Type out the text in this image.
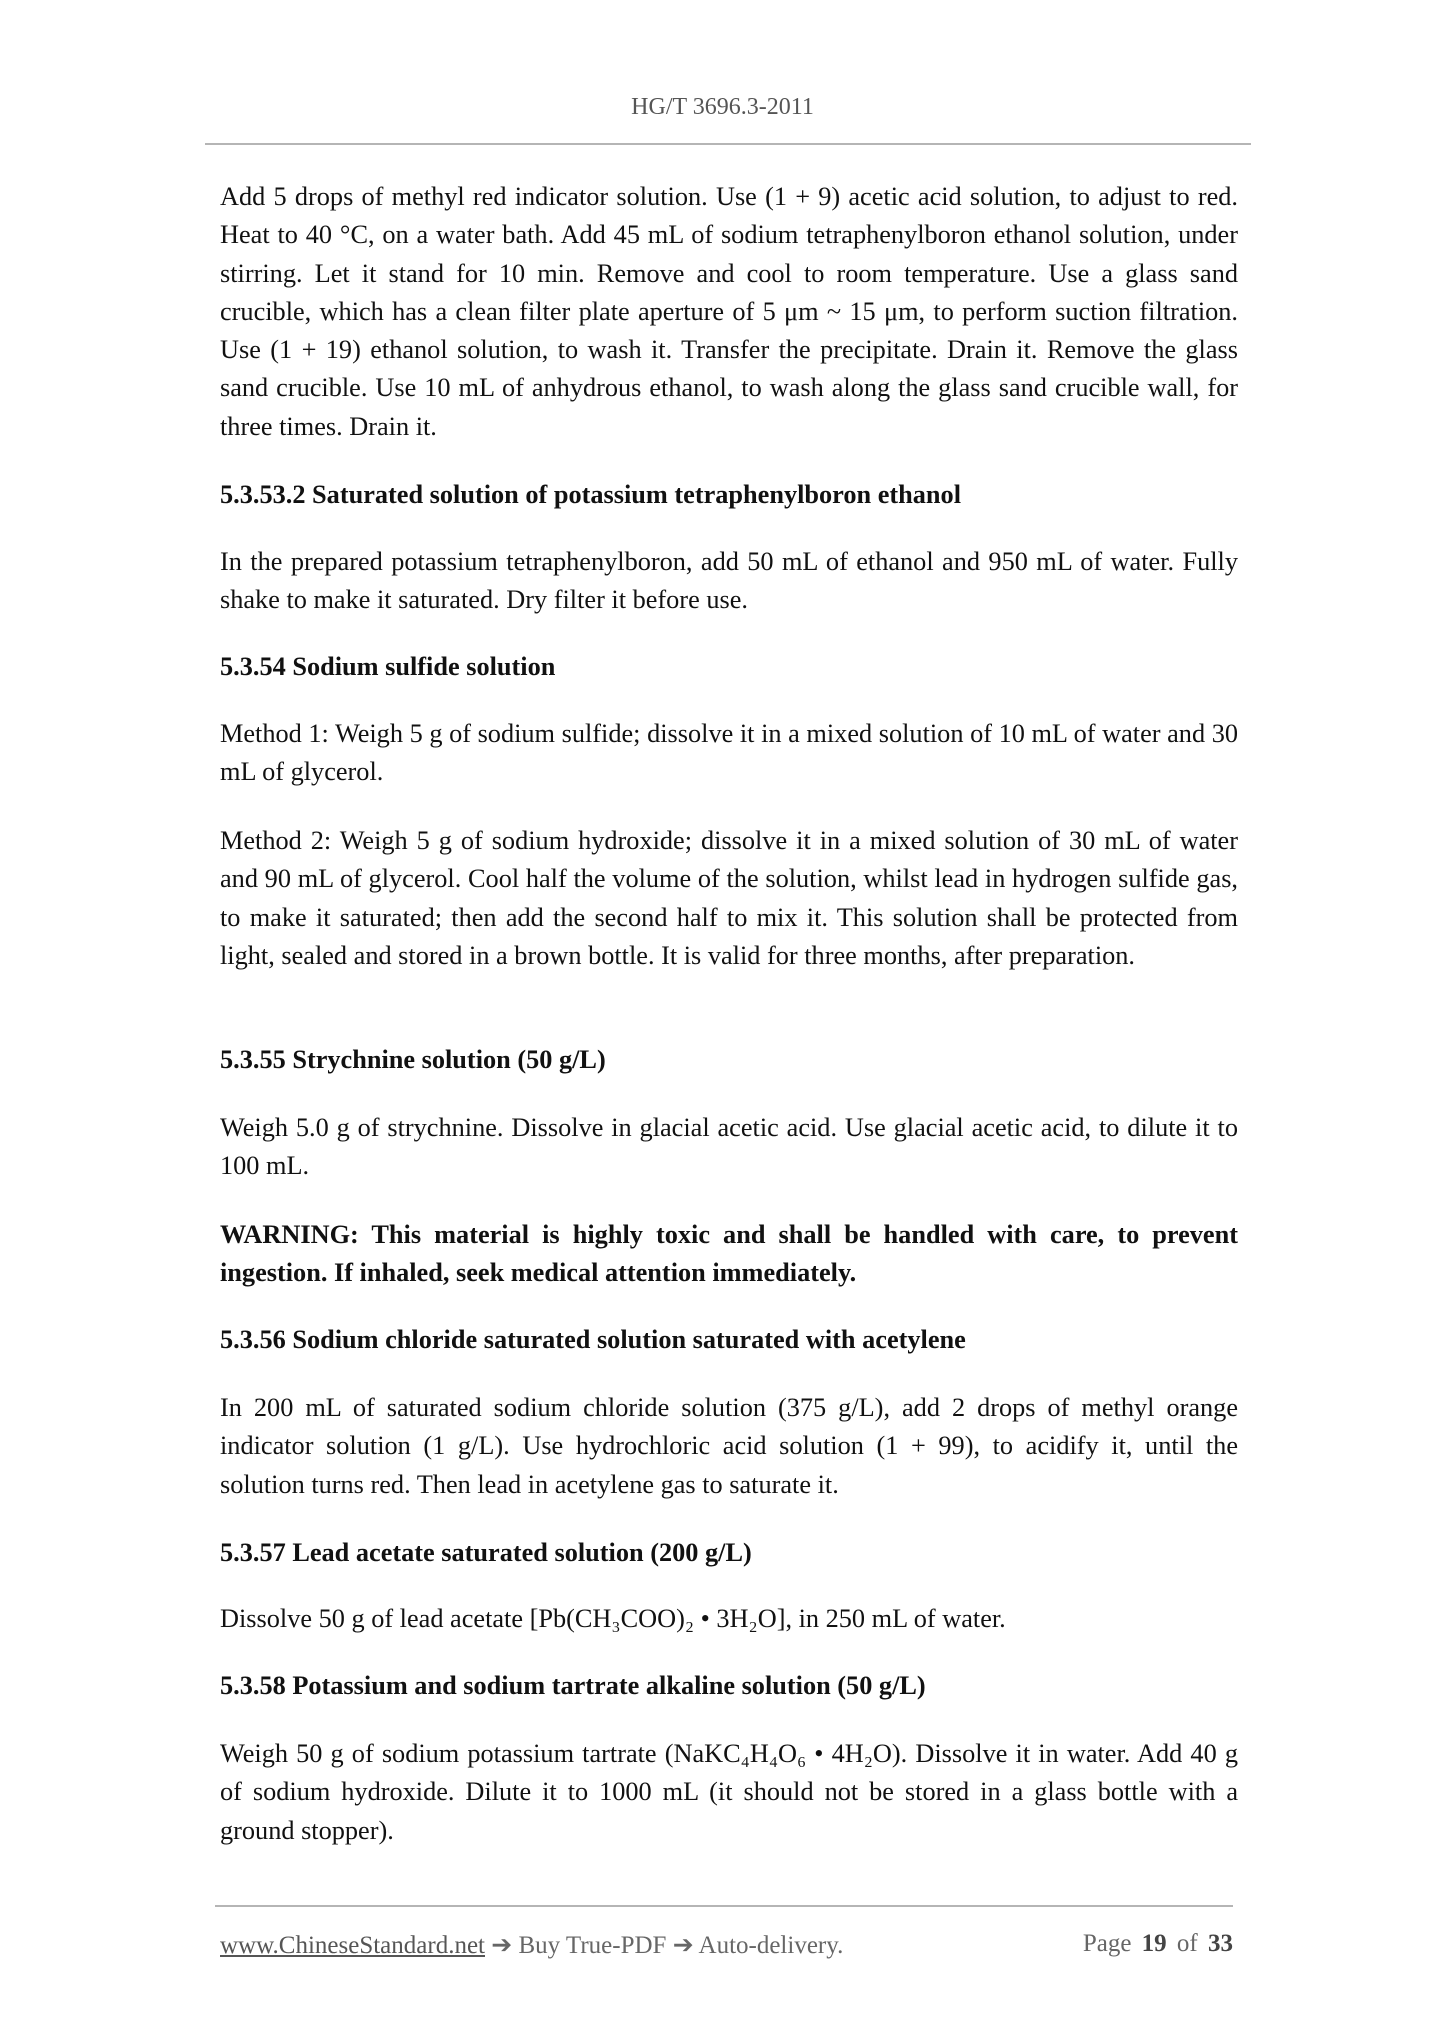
HG/T 3696.3-2011
Add 5 drops of methyl red indicator solution. Use (1 + 9) acetic acid solution, to adjust to red. Heat to 40 °C, on a water bath. Add 45 mL of sodium tetraphenylboron ethanol solution, under stirring. Let it stand for 10 min. Remove and cool to room temperature. Use a glass sand crucible, which has a clean filter plate aperture of 5 μm ~ 15 μm, to perform suction filtration. Use (1 + 19) ethanol solution, to wash it. Transfer the precipitate. Drain it. Remove the glass sand crucible. Use 10 mL of anhydrous ethanol, to wash along the glass sand crucible wall, for three times. Drain it.
5.3.53.2 Saturated solution of potassium tetraphenylboron ethanol
In the prepared potassium tetraphenylboron, add 50 mL of ethanol and 950 mL of water. Fully shake to make it saturated. Dry filter it before use.
5.3.54 Sodium sulfide solution
Method 1: Weigh 5 g of sodium sulfide; dissolve it in a mixed solution of 10 mL of water and 30 mL of glycerol.
Method 2: Weigh 5 g of sodium hydroxide; dissolve it in a mixed solution of 30 mL of water and 90 mL of glycerol. Cool half the volume of the solution, whilst lead in hydrogen sulfide gas, to make it saturated; then add the second half to mix it. This solution shall be protected from light, sealed and stored in a brown bottle. It is valid for three months, after preparation.
5.3.55 Strychnine solution (50 g/L)
Weigh 5.0 g of strychnine. Dissolve in glacial acetic acid. Use glacial acetic acid, to dilute it to 100 mL.
WARNING: This material is highly toxic and shall be handled with care, to prevent ingestion. If inhaled, seek medical attention immediately.
5.3.56 Sodium chloride saturated solution saturated with acetylene
In 200 mL of saturated sodium chloride solution (375 g/L), add 2 drops of methyl orange indicator solution (1 g/L). Use hydrochloric acid solution (1 + 99), to acidify it, until the solution turns red. Then lead in acetylene gas to saturate it.
5.3.57 Lead acetate saturated solution (200 g/L)
Dissolve 50 g of lead acetate [Pb(CH₃COO)₂ • 3H₂O], in 250 mL of water.
5.3.58 Potassium and sodium tartrate alkaline solution (50 g/L)
Weigh 50 g of sodium potassium tartrate (NaKC₄H₄O₆ • 4H₂O). Dissolve it in water. Add 40 g of sodium hydroxide. Dilute it to 1000 mL (it should not be stored in a glass bottle with a ground stopper).
www.ChineseStandard.net ➔ Buy True-PDF ➔ Auto-delivery.	Page 19 of 33
